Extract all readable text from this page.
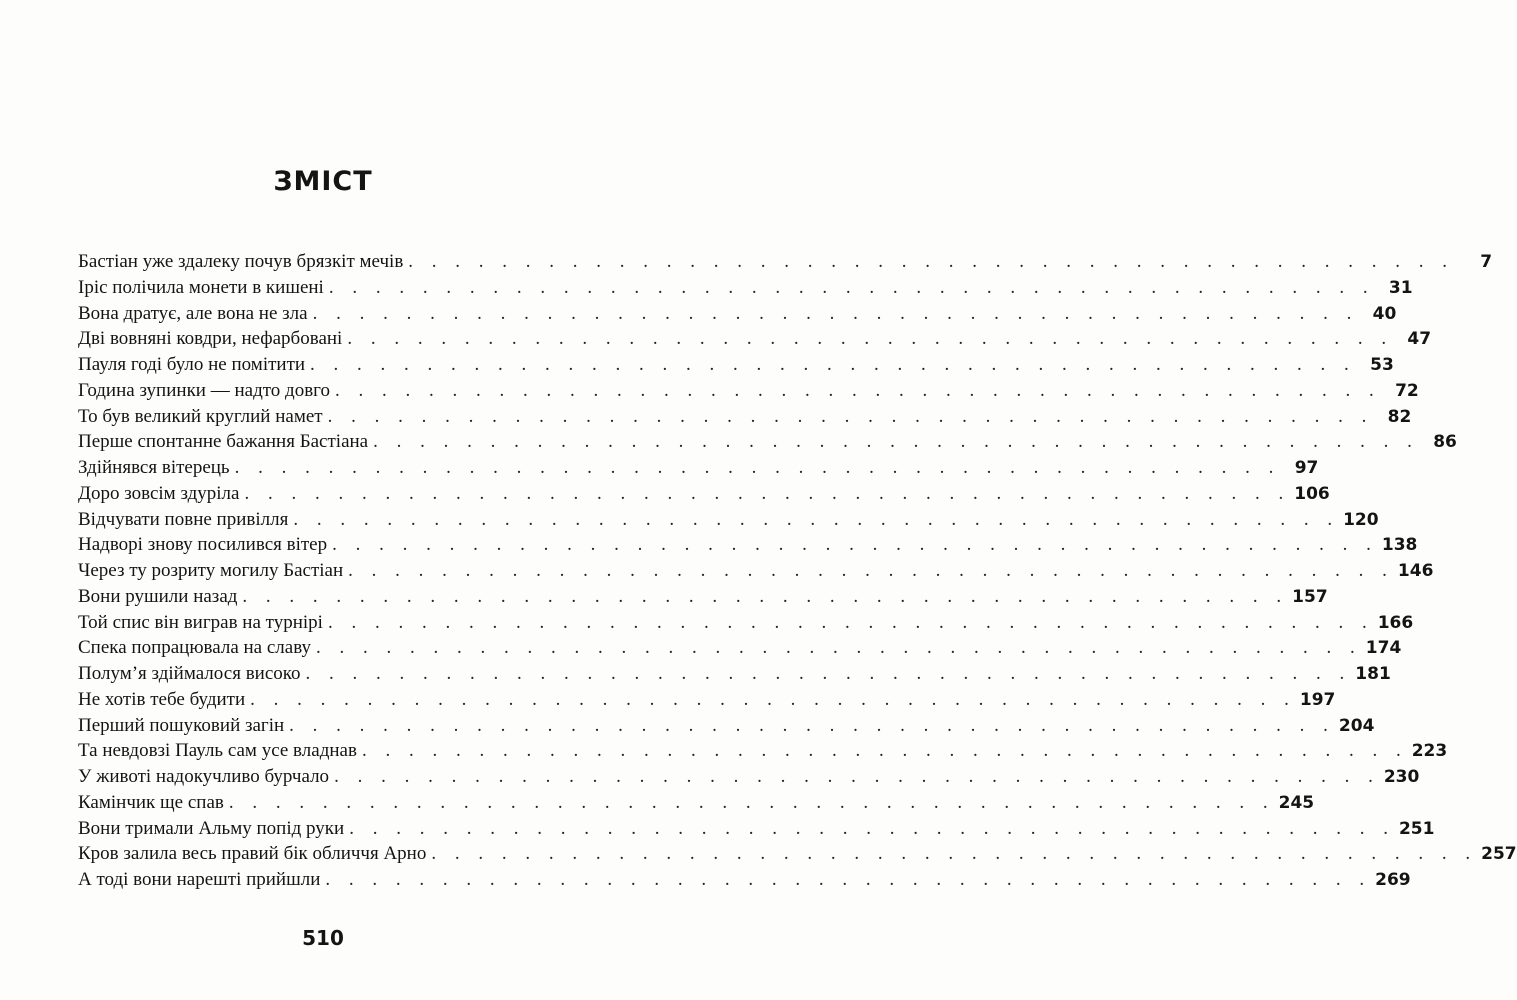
ЗМІСТ
Бастіан уже здалеку почув брязкіт мечів . . . . . . . . . . . . . . . . . . . . . . . . . . . . . . . . . . . . . . . . . . . . .	7
Іріс полічила монети в кишені . . . . . . . . . . . . . . . . . . . . . . . . . . . . . . . . . . . . . . . . . . . . . 31
Вона дратує, але вона не зла . . . . . . . . . . . . . . . . . . . . . . . . . . . . . . . . . . . . . . . . . . . . . 40
Дві вовняні ковдри, нефарбовані . . . . . . . . . . . . . . . . . . . . . . . . . . . . . . . . . . . . . . . . . . . . . 47
Пауля годі було не помітити . . . . . . . . . . . . . . . . . . . . . . . . . . . . . . . . . . . . . . . . . . . . . 53
Година зупинки — надто довго . . . . . . . . . . . . . . . . . . . . . . . . . . . . . . . . . . . . . . . . . . . . . 72
То був великий круглий намет . . . . . . . . . . . . . . . . . . . . . . . . . . . . . . . . . . . . . . . . . . . . . 82
Перше спонтанне бажання Бастіана . . . . . . . . . . . . . . . . . . . . . . . . . . . . . . . . . . . . . . . . . . . . . 86
Здійнявся вітерець . . . . . . . . . . . . . . . . . . . . . . . . . . . . . . . . . . . . . . . . . . . . . 97
Доро зовсім здуріла . . . . . . . . . . . . . . . . . . . . . . . . . . . . . . . . . . . . . . . . . . . . . 106
Відчувати повне привілля . . . . . . . . . . . . . . . . . . . . . . . . . . . . . . . . . . . . . . . . . . . . . 120
Надворі знову посилився вітер . . . . . . . . . . . . . . . . . . . . . . . . . . . . . . . . . . . . . . . . . . . . . 138
Через ту розриту могилу Бастіан . . . . . . . . . . . . . . . . . . . . . . . . . . . . . . . . . . . . . . . . . . . . . 146
Вони рушили назад . . . . . . . . . . . . . . . . . . . . . . . . . . . . . . . . . . . . . . . . . . . . . 157
Той спис він виграв на турнірі . . . . . . . . . . . . . . . . . . . . . . . . . . . . . . . . . . . . . . . . . . . . . 166
Спека попрацювала на славу . . . . . . . . . . . . . . . . . . . . . . . . . . . . . . . . . . . . . . . . . . . . . 174
Полум’я здіймалося високо . . . . . . . . . . . . . . . . . . . . . . . . . . . . . . . . . . . . . . . . . . . . . 181
Не хотів тебе будити . . . . . . . . . . . . . . . . . . . . . . . . . . . . . . . . . . . . . . . . . . . . . 197
Перший пошуковий загін . . . . . . . . . . . . . . . . . . . . . . . . . . . . . . . . . . . . . . . . . . . . . 204
Та невдовзі Пауль сам усе владнав . . . . . . . . . . . . . . . . . . . . . . . . . . . . . . . . . . . . . . . . . . . . . 223
У животі надокучливо бурчало . . . . . . . . . . . . . . . . . . . . . . . . . . . . . . . . . . . . . . . . . . . . . 230
Камінчик ще спав . . . . . . . . . . . . . . . . . . . . . . . . . . . . . . . . . . . . . . . . . . . . . 245
Вони тримали Альму попід руки . . . . . . . . . . . . . . . . . . . . . . . . . . . . . . . . . . . . . . . . . . . . . 251
Кров залила весь правий бік обличчя Арно . . . . . . . . . . . . . . . . . . . . . . . . . . . . . . . . . . . . . . . . . . . . . 257
А тоді вони нарешті прийшли . . . . . . . . . . . . . . . . . . . . . . . . . . . . . . . . . . . . . . . . . . . . . 269
510
